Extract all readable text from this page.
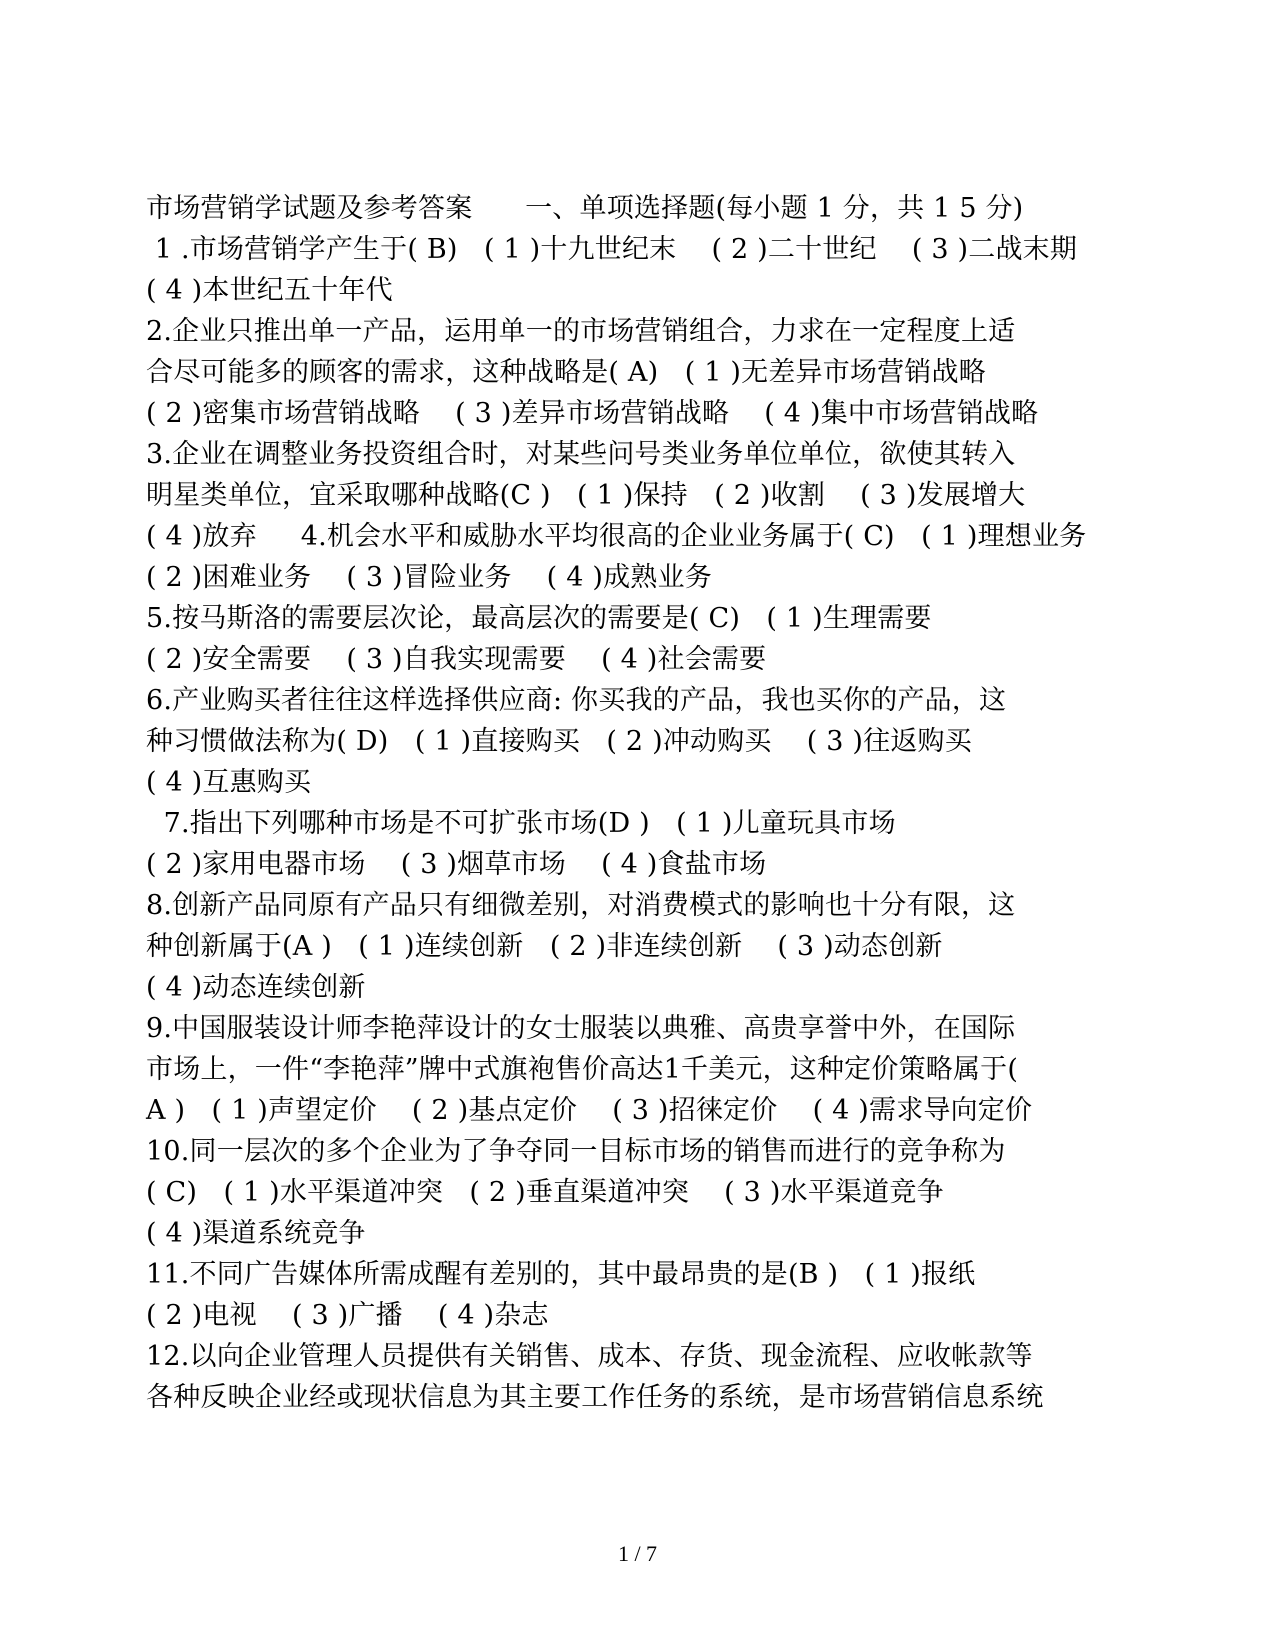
市场营销学试题及参考答案      一、单项选择题(每小题 1 分，共 1 5 分)
1 .市场营销学产生于( B)   ( 1 )十九世纪末    ( 2 )二十世纪    ( 3 )二战末期
( 4 )本世纪五十年代
2.企业只推出单一产品，运用单一的市场营销组合，力求在一定程度上适
合尽可能多的顾客的需求，这种战略是( A)   ( 1 )无差异市场营销战略
( 2 )密集市场营销战略    ( 3 )差异市场营销战略    ( 4 )集中市场营销战略
3.企业在调整业务投资组合时，对某些问号类业务单位单位，欲使其转入
明星类单位，宜采取哪种战略(C )   ( 1 )保持   ( 2 )收割    ( 3 )发展增大
( 4 )放弃     4.机会水平和威胁水平均很高的企业业务属于( C)   ( 1 )理想业务
( 2 )困难业务    ( 3 )冒险业务    ( 4 )成熟业务
5.按马斯洛的需要层次论，最高层次的需要是( C)   ( 1 )生理需要
( 2 )安全需要    ( 3 )自我实现需要    ( 4 )社会需要
6.产业购买者往往这样选择供应商: 你买我的产品，我也买你的产品，这
种习惯做法称为( D)   ( 1 )直接购买   ( 2 )冲动购买    ( 3 )往返购买
( 4 )互惠购买
7.指出下列哪种市场是不可扩张市场(D )   ( 1 )儿童玩具市场
( 2 )家用电器市场    ( 3 )烟草市场    ( 4 )食盐市场
8.创新产品同原有产品只有细微差别，对消费模式的影响也十分有限，这
种创新属于(A )   ( 1 )连续创新   ( 2 )非连续创新    ( 3 )动态创新
( 4 )动态连续创新
9.中国服装设计师李艳萍设计的女士服装以典雅、高贵享誉中外，在国际
市场上，一件“李艳萍”牌中式旗袍售价高达1千美元，这种定价策略属于(
A )   ( 1 )声望定价    ( 2 )基点定价    ( 3 )招徕定价    ( 4 )需求导向定价
10.同一层次的多个企业为了争夺同一目标市场的销售而进行的竞争称为
( C)   ( 1 )水平渠道冲突   ( 2 )垂直渠道冲突    ( 3 )水平渠道竞争
( 4 )渠道系统竞争
11.不同广告媒体所需成醒有差别的，其中最昂贵的是(B )   ( 1 )报纸
( 2 )电视    ( 3 )广播    ( 4 )杂志
12.以向企业管理人员提供有关销售、成本、存货、现金流程、应收帐款等
各种反映企业经或现状信息为其主要工作任务的系统，是市场营销信息系统
1 / 7
